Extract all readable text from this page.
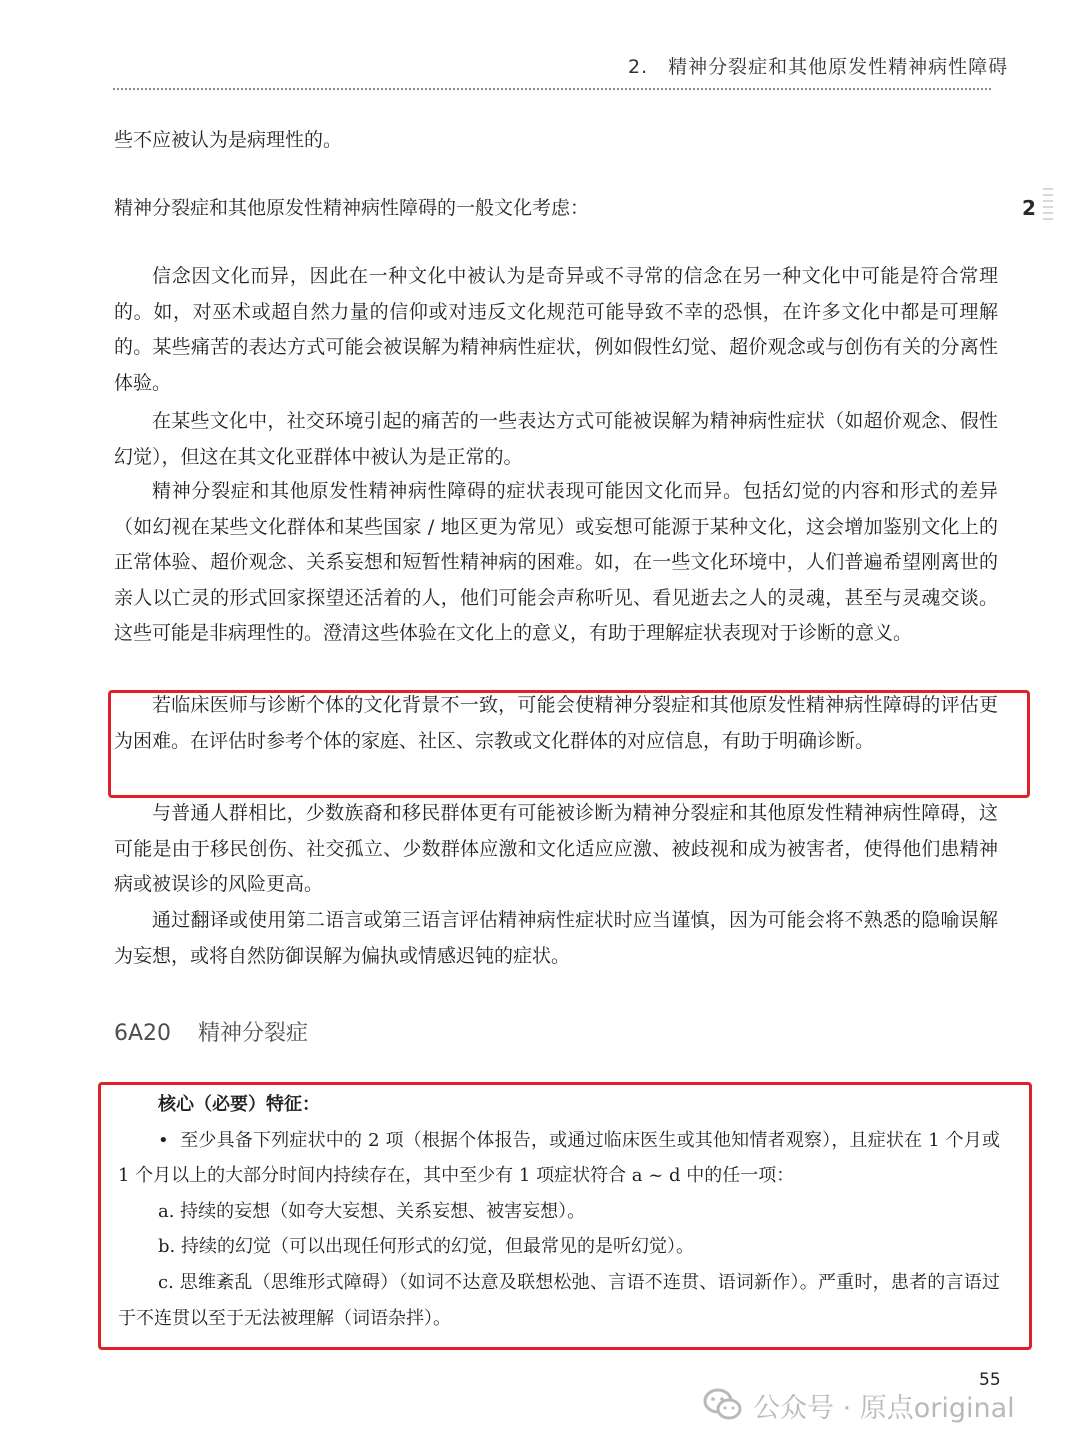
2.　精神分裂症和其他原发性精神病性障碍
2
些不应被认为是病理性的。
精神分裂症和其他原发性精神病性障碍的一般文化考虑：
信念因文化而异，因此在一种文化中被认为是奇异或不寻常的信念在另一种文化中可能是符合常理的。如，对巫术或超自然力量的信仰或对违反文化规范可能导致不幸的恐惧，在许多文化中都是可理解的。某些痛苦的表达方式可能会被误解为精神病性症状，例如假性幻觉、超价观念或与创伤有关的分离性体验。
在某些文化中，社交环境引起的痛苦的一些表达方式可能被误解为精神病性症状（如超价观念、假性幻觉），但这在其文化亚群体中被认为是正常的。
精神分裂症和其他原发性精神病性障碍的症状表现可能因文化而异。包括幻觉的内容和形式的差异（如幻视在某些文化群体和某些国家 / 地区更为常见）或妄想可能源于某种文化，这会增加鉴别文化上的正常体验、超价观念、关系妄想和短暂性精神病的困难。如，在一些文化环境中，人们普遍希望刚离世的亲人以亡灵的形式回家探望还活着的人，他们可能会声称听见、看见逝去之人的灵魂，甚至与灵魂交谈。这些可能是非病理性的。澄清这些体验在文化上的意义，有助于理解症状表现对于诊断的意义。
若临床医师与诊断个体的文化背景不一致，可能会使精神分裂症和其他原发性精神病性障碍的评估更为困难。在评估时参考个体的家庭、社区、宗教或文化群体的对应信息，有助于明确诊断。
与普通人群相比，少数族裔和移民群体更有可能被诊断为精神分裂症和其他原发性精神病性障碍，这可能是由于移民创伤、社交孤立、少数群体应激和文化适应应激、被歧视和成为被害者，使得他们患精神病或被误诊的风险更高。
通过翻译或使用第二语言或第三语言评估精神病性症状时应当谨慎，因为可能会将不熟悉的隐喻误解为妄想，或将自然防御误解为偏执或情感迟钝的症状。
6A20 精神分裂症
核心（必要）特征：
• 至少具备下列症状中的 2 项（根据个体报告，或通过临床医生或其他知情者观察），且症状在 1 个月或 1 个月以上的大部分时间内持续存在，其中至少有 1 项症状符合 a ~ d 中的任一项：
a. 持续的妄想（如夸大妄想、关系妄想、被害妄想）。
b. 持续的幻觉（可以出现任何形式的幻觉，但最常见的是听幻觉）。
c. 思维紊乱（思维形式障碍）（如词不达意及联想松弛、言语不连贯、语词新作）。严重时，患者的言语过于不连贯以至于无法被理解（词语杂拌）。
55
公众号 · 原点original
